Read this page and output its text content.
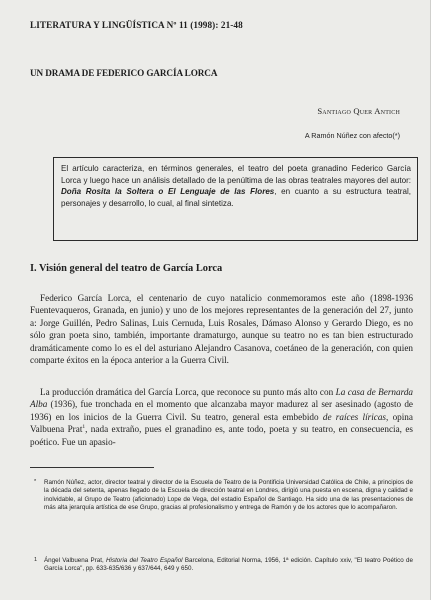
LITERATURA Y LINGÜÍSTICA Nº 11 (1998): 21-48
UN DRAMA DE FEDERICO GARCÍA LORCA
Santiago Quer Antich
A Ramón Núñez con afecto(*)
El artículo caracteriza, en términos generales, el teatro del poeta granadino Federico García Lorca y luego hace un análisis detallado de la penúltima de las obras teatrales mayores del autor: Doña Rosita la Soltera o El Lenguaje de las Flores, en cuanto a su estructura teatral, personajes y desarrollo, lo cual, al final sintetiza.
I. Visión general del teatro de García Lorca

Federico García Lorca, el centenario de cuyo natalicio conmemoramos este año (1898-1936 Fuentevaqueros, Granada, en junio) y uno de los mejores representantes de la generación del 27, junto a: Jorge Guillén, Pedro Salinas, Luis Cernuda, Luis Rosales, Dámaso Alonso y Gerardo Diego, es no sólo gran poeta sino, también, importante dramaturgo, aunque su teatro no es tan bien estructurado dramáticamente como lo es el del asturiano Alejandro Casanova, coetáneo de la generación, con quien comparte éxitos en la época anterior a la Guerra Civil.

La producción dramática del García Lorca, que reconoce su punto más alto con La casa de Bernarda Alba (1936), fue tronchada en el momento que alcanzaba mayor madurez al ser asesinado (agosto de 1936) en los inicios de la Guerra Civil. Su teatro, general esta embebido de raíces líricas, opina Valbuena Prat$^1$, nada extraño, pues el granadino es, ante todo, poeta y su teatro, en consecuencia, es poético. Fue un apasio-

* Ramón Núñez, actor, director teatral y director de la Escuela de Teatro de la Pontificia Universidad Católica de Chile, a principios de la década del setenta, apenas llegado de la Escuela de dirección teatral en Londres, dirigió una puesta en escena, digna y calidad e inolvidable, al Grupo de Teatro (aficionado) Lope de Vega, del estadio Español de Santiago. Ha sido una de las presentaciones de más alta jerarquía artística de ese Grupo, gracias al profesionalismo y entrega de Ramón y de los actores que lo acompañaron.

1 Ángel Valbuena Prat, Historia del Teatro Español Barcelona, Editorial Norma, 1956, 1ª edición. Capítulo xxiv, "El teatro Poético de García Lorca", pp. 633-635/636 y 637/644, 649 y 650.
